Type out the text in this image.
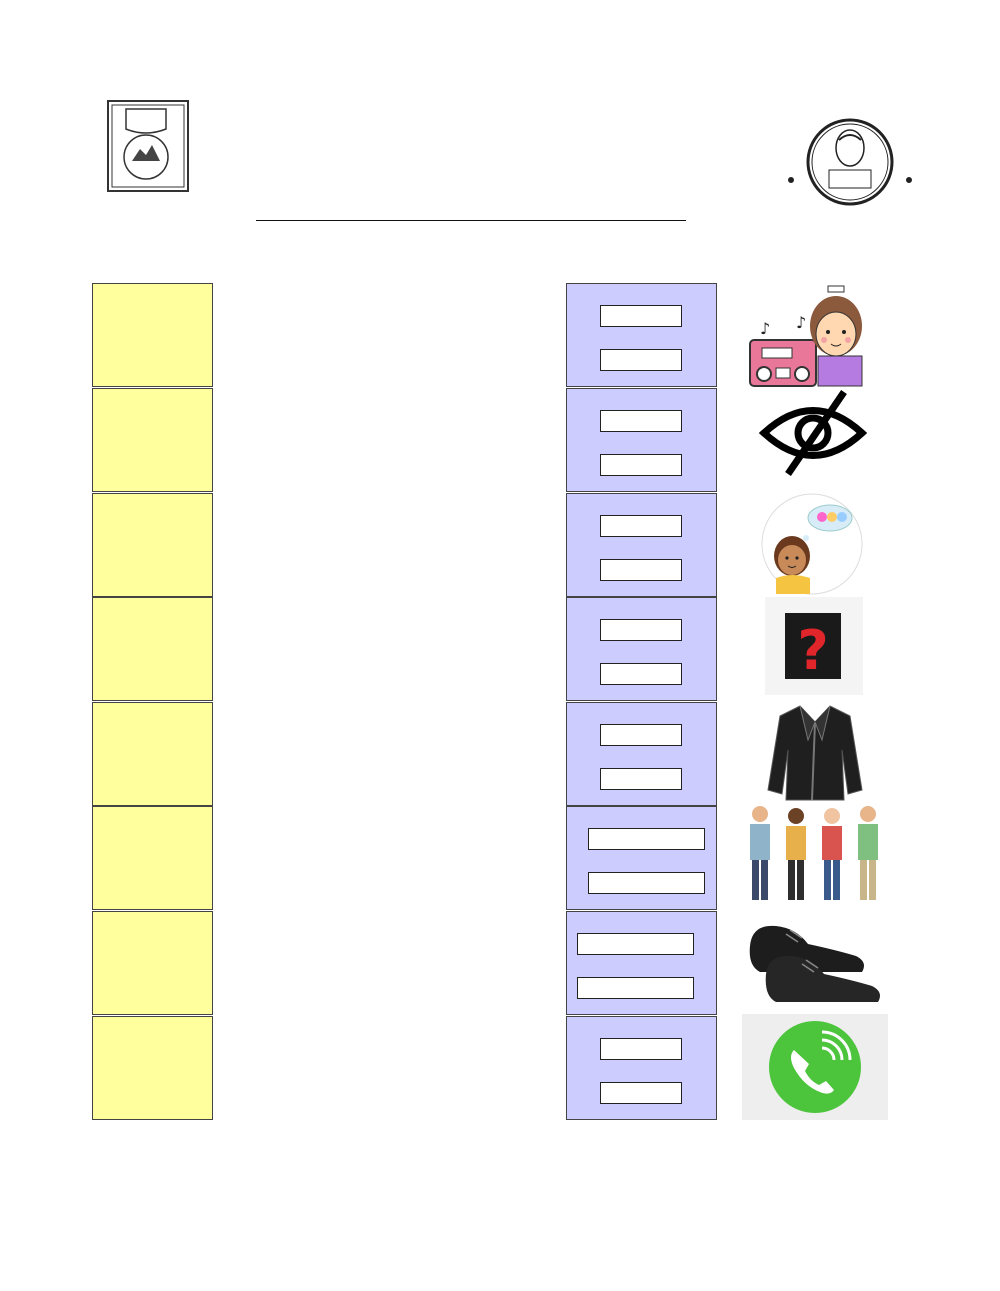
♪ ♪
?
